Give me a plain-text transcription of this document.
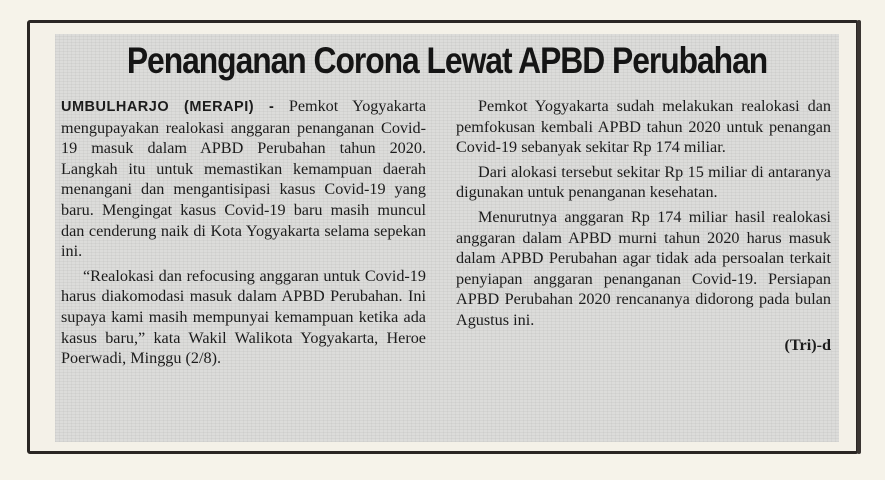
Penanganan Corona Lewat APBD Perubahan

UMBULHARJO (MERAPI) - Pemkot Yogyakarta mengupayakan realokasi anggaran penanganan Covid-19 masuk dalam APBD Perubahan tahun 2020. Langkah itu untuk memastikan kemampuan daerah menangani dan mengantisipasi kasus Covid-19 yang baru. Mengingat kasus Covid-19 baru masih muncul dan cenderung naik di Kota Yogyakarta selama sepekan ini.

“Realokasi dan refocusing anggaran untuk Covid-19 harus diakomodasi masuk dalam APBD Perubahan. Ini supaya kami masih mempunyai kemampuan ketika ada kasus baru,” kata Wakil Walikota Yogyakarta, Heroe Poerwadi, Minggu (2/8).

Pemkot Yogyakarta sudah melakukan realokasi dan pemfokusan kembali APBD tahun 2020 untuk penangan Covid-19 sebanyak sekitar Rp 174 miliar.

Dari alokasi tersebut sekitar Rp 15 miliar di antaranya digunakan untuk penanganan kesehatan.

Menurutnya anggaran Rp 174 miliar hasil realokasi anggaran dalam APBD murni tahun 2020 harus masuk dalam APBD Perubahan agar tidak ada persoalan terkait penyiapan anggaran penanganan Covid-19. Persiapan APBD Perubahan 2020 rencananya didorong pada bulan Agustus ini.

(Tri)-d
